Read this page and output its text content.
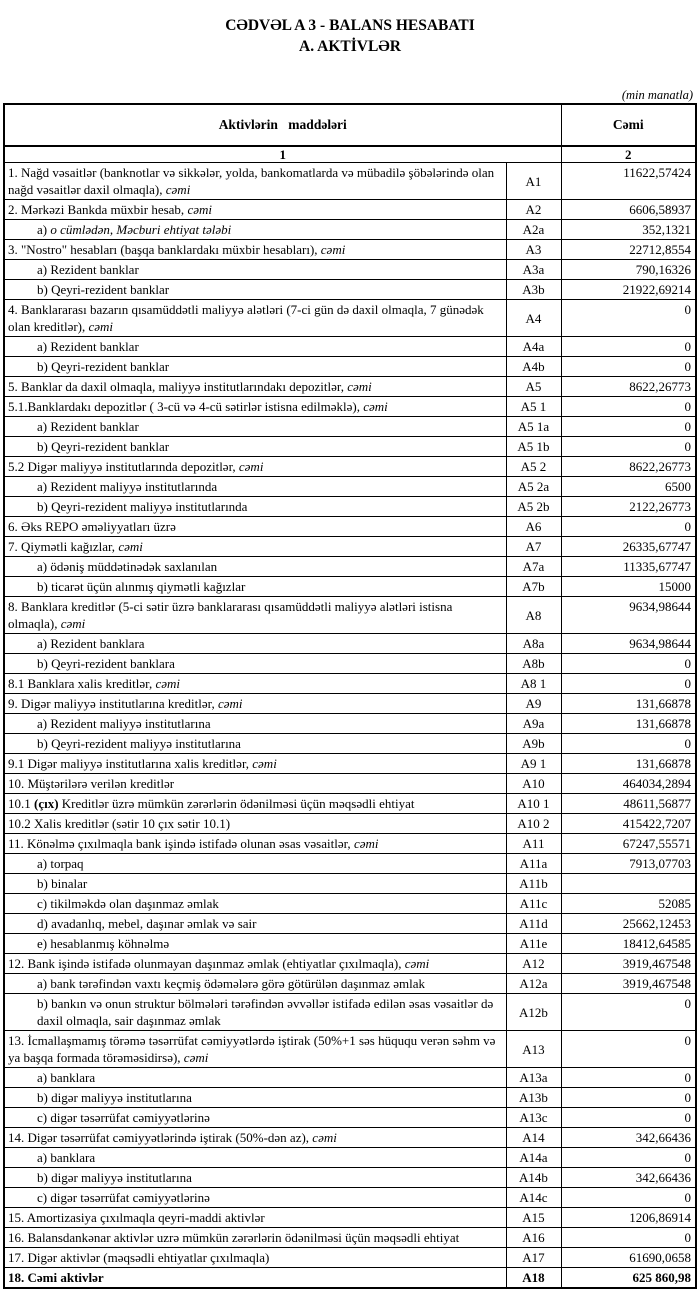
CƏDVƏL A 3 - BALANS HESABATI
A. AKTİVLƏR
(min manatla)
Aktivlərin maddələri		Cəmi
1		2
1. Nağd vəsaitlər (banknotlar və sikkələr, yolda, bankomatlarda və mübadilə şöbələrində olan nağd vəsaitlər daxil olmaqla), cəmi	A1	11622,57424
2. Mərkəzi Bankda müxbir hesab, cəmi	A2	6606,58937
a) o cümlədən, Məcburi ehtiyat tələbi	A2a	352,1321
3. "Nostro" hesabları (başqa banklardakı müxbir hesabları), cəmi	A3	22712,8554
a) Rezident banklar	A3a	790,16326
b) Qeyri-rezident banklar	A3b	21922,69214
4. Banklararası bazarın qısamüddətli maliyyə alətləri (7-ci gün də daxil olmaqla, 7 günədək olan kreditlər), cəmi	A4	0
a) Rezident banklar	A4a	0
b) Qeyri-rezident banklar	A4b	0
5. Banklar da daxil olmaqla, maliyyə institutlarındakı depozitlər, cəmi	A5	8622,26773
5.1.Banklardakı depozitlər ( 3-cü və 4-cü sətirlər istisna edilməklə), cəmi	A5 1	0
a) Rezident banklar	A5 1a	0
b) Qeyri-rezident banklar	A5 1b	0
5.2 Digər maliyyə institutlarında depozitlər, cəmi	A5 2	8622,26773
a) Rezident maliyyə institutlarında	A5 2a	6500
b) Qeyri-rezident maliyyə institutlarında	A5 2b	2122,26773
6. Əks REPO əməliyyatları üzrə	A6	0
7. Qiymətli kağızlar, cəmi	A7	26335,67747
a) ödəniş müddətinədək saxlanılan	A7a	11335,67747
b) ticarət üçün alınmış qiymətli kağızlar	A7b	15000
8. Banklara kreditlər (5-ci sətir üzrə banklararası qısamüddətli maliyyə alətləri istisna olmaqla), cəmi	A8	9634,98644
a) Rezident banklara	A8a	9634,98644
b) Qeyri-rezident banklara	A8b	0
8.1 Banklara xalis kreditlər, cəmi	A8 1	0
9. Digər maliyyə institutlarına kreditlər, cəmi	A9	131,66878
a) Rezident maliyyə institutlarına	A9a	131,66878
b) Qeyri-rezident maliyyə institutlarına	A9b	0
9.1 Digər maliyyə institutlarına xalis kreditlər, cəmi	A9 1	131,66878
10. Müştərilərə verilən kreditlər	A10	464034,2894
10.1 (çıx) Kreditlər üzrə mümkün zərərlərin ödənilməsi üçün məqsədli ehtiyat	A10 1	48611,56877
10.2 Xalis kreditlər (sətir 10 çıx sətir 10.1)	A10 2	415422,7207
11. Könəlmə çıxılmaqla bank işində istifadə olunan əsas vəsaitlər, cəmi	A11	67247,55571
a) torpaq	A11a	7913,07703
b) binalar	A11b	
c) tikilməkdə olan daşınmaz əmlak	A11c	52085
d) avadanlıq, mebel, daşınar əmlak və sair	A11d	25662,12453
e) hesablanmış köhnəlmə	A11e	18412,64585
12. Bank işində istifadə olunmayan daşınmaz əmlak (ehtiyatlar çıxılmaqla), cəmi	A12	3919,467548
a) bank tərəfindən vaxtı keçmiş ödəmələrə görə götürülən daşınmaz əmlak	A12a	3919,467548
b) bankın və onun struktur bölmələri tərəfindən əvvəllər istifadə edilən əsas vəsaitlər də daxil olmaqla, sair daşınmaz əmlak	A12b	0
13. İcmallaşmamış törəmə təsərrüfat cəmiyyətlərdə iştirak (50%+1 səs hüququ verən səhm və ya başqa formada törəməsidirsə), cəmi	A13	0
a) banklara	A13a	0
b) digər maliyyə institutlarına	A13b	0
c) digər təsərrüfat cəmiyyətlərinə	A13c	0
14. Digər təsərrüfat cəmiyyətlərində iştirak (50%-dən az), cəmi	A14	342,66436
a) banklara	A14a	0
b) digər maliyyə institutlarına	A14b	342,66436
c) digər təsərrüfat cəmiyyətlərinə	A14c	0
15. Amortizasiya çıxılmaqla qeyri-maddi aktivlər	A15	1206,86914
16. Balansdankənar aktivlər uzrə mümkün zərərlərin ödənilməsi üçün məqsədli ehtiyat	A16	0
17. Digər aktivlər (məqsədli ehtiyatlar çıxılmaqla)	A17	61690,0658
18. Cəmi aktivlər	A18	625 860,98
